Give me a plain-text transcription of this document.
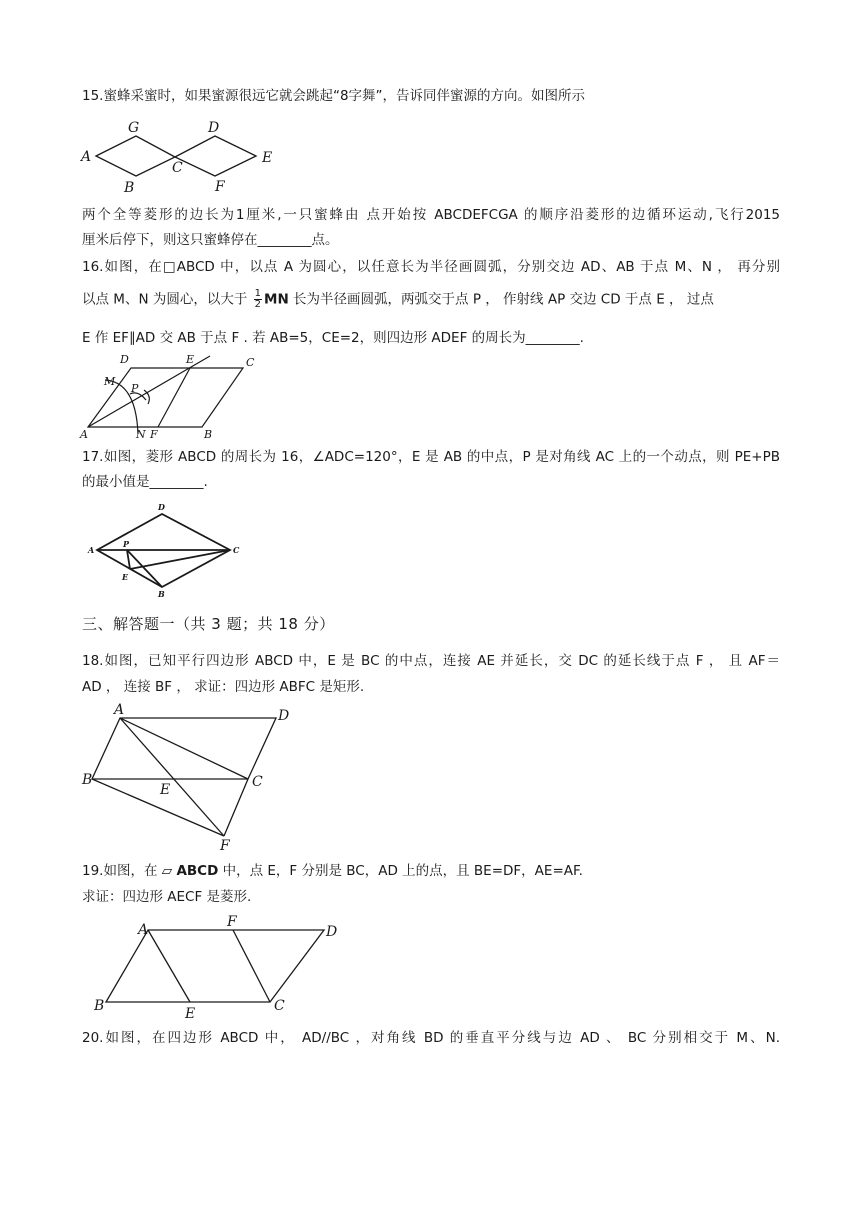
15.蜜蜂采蜜时，如果蜜源很远它就会跳起“8字舞”，告诉同伴蜜源的方向。如图所示
A
G
B
C
D
E
F
两个全等菱形的边长为1厘米,一只蜜蜂由 点开始按 ABCDEFCGA 的顺序沿菱形的边循环运动,飞行2015
厘米后停下，则这只蜜蜂停在________点。
16.如图，在□ABCD 中，以点 A 为圆心，以任意长为半径画圆弧，分别交边 AD、AB 于点 M、N ， 再分别
以点 M、N 为圆心，以大于 $\frac{1}{2}$ MN 长为半径画圆弧，两弧交于点 P ， 作射线 AP 交边 CD 于点 E ， 过点
E 作 EF∥AD 交 AB 于点 F . 若 AB=5，CE=2，则四边形 ADEF 的周长为________.
D	E	C
M
P
A	N F	B
17.如图，菱形 ABCD 的周长为 16，∠ADC=120°，E 是 AB 的中点，P 是对角线 AC 上的一个动点，则 PE+PB
的最小值是________.
D
A
P
C
E
B
三、解答题一（共 3 题；共 18 分）
18.如图，已知平行四边形 ABCD 中，E 是 BC 的中点，连接 AE 并延长，交 DC 的延长线于点 F ， 且 AF＝
AD ， 连接 BF ， 求证：四边形 ABFC 是矩形.
A	D
B
E	C
F
19.如图，在 ▱ ABCD 中，点 E，F 分别是 BC，AD 上的点，且 BE=DF，AE=AF.
求证：四边形 AECF 是菱形.
A	F
D
B	E	C
20.如图，在四边形 ABCD 中， AD//BC ，对角线 BD 的垂直平分线与边 AD 、 BC 分别相交于 M、N.
